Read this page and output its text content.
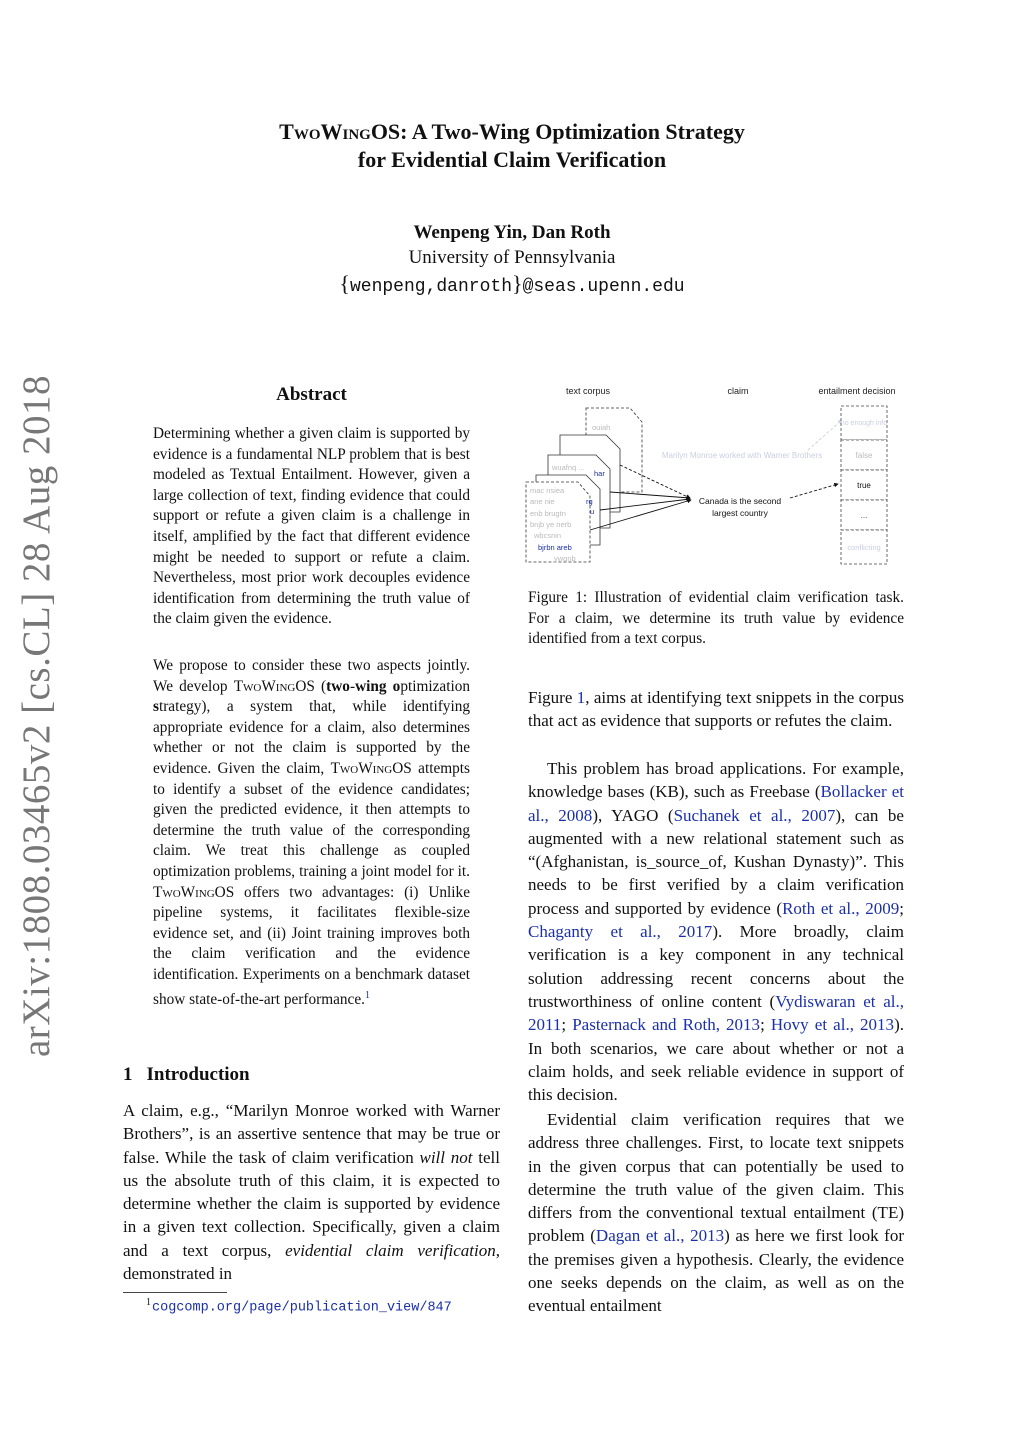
arXiv:1808.03465v2 [cs.CL] 28 Aug 2018
TwoWingOS: A Two-Wing Optimization Strategy
for Evidential Claim Verification
Wenpeng Yin, Dan Roth
University of Pennsylvania
{wenpeng,danroth}@seas.upenn.edu
Abstract
Determining whether a given claim is supported by evidence is a fundamental NLP problem that is best modeled as Textual Entailment. However, given a large collection of text, finding evidence that could support or refute a given claim is a challenge in itself, amplified by the fact that different evidence might be needed to support or refute a claim. Nevertheless, most prior work decouples evidence identification from determining the truth value of the claim given the evidence.
We propose to consider these two aspects jointly. We develop TwoWingOS (two-wing optimization strategy), a system that, while identifying appropriate evidence for a claim, also determines whether or not the claim is supported by the evidence. Given the claim, TwoWingOS attempts to identify a subset of the evidence candidates; given the predicted evidence, it then attempts to determine the truth value of the corresponding claim. We treat this challenge as coupled optimization problems, training a joint model for it. TwoWingOS offers two advantages: (i) Unlike pipeline systems, it facilitates flexible-size evidence set, and (ii) Joint training improves both the claim verification and the evidence identification. Experiments on a benchmark dataset show state-of-the-art performance.$^1$
1 Introduction
A claim, e.g., “Marilyn Monroe worked with Warner Brothers”, is an assertive sentence that may be true or false. While the task of claim verification will not tell us the absolute truth of this claim, it is expected to determine whether the claim is supported by evidence in a given text collection. Specifically, given a claim and a text corpus, evidential claim verification, demonstrated in
$^1$cogcomp.org/page/publication_view/847
text corpus	claim	entailment decision
wuafnq ...
ouiah
mac nsiea
ane nie
enb brugtn
bnjb ye nerb
wbcsnin
bjrbn areb
rg
u
har
ywqnb
Marilyn Monroe worked with Warner Brothers
Canada is the second
largest country
no enough info
false
true
...
conflicting
Figure 1: Illustration of evidential claim verification task. For a claim, we determine its truth value by evidence identified from a text corpus.
Figure 1, aims at identifying text snippets in the corpus that act as evidence that supports or refutes the claim.
This problem has broad applications. For example, knowledge bases (KB), such as Freebase (Bollacker et al., 2008), YAGO (Suchanek et al., 2007), can be augmented with a new relational statement such as “(Afghanistan, is_source_of, Kushan Dynasty)”. This needs to be first verified by a claim verification process and supported by evidence (Roth et al., 2009; Chaganty et al., 2017). More broadly, claim verification is a key component in any technical solution addressing recent concerns about the trustworthiness of online content (Vydiswaran et al., 2011; Pasternack and Roth, 2013; Hovy et al., 2013). In both scenarios, we care about whether or not a claim holds, and seek reliable evidence in support of this decision.
Evidential claim verification requires that we address three challenges. First, to locate text snippets in the given corpus that can potentially be used to determine the truth value of the given claim. This differs from the conventional textual entailment (TE) problem (Dagan et al., 2013) as here we first look for the premises given a hypothesis. Clearly, the evidence one seeks depends on the claim, as well as on the eventual entailment
